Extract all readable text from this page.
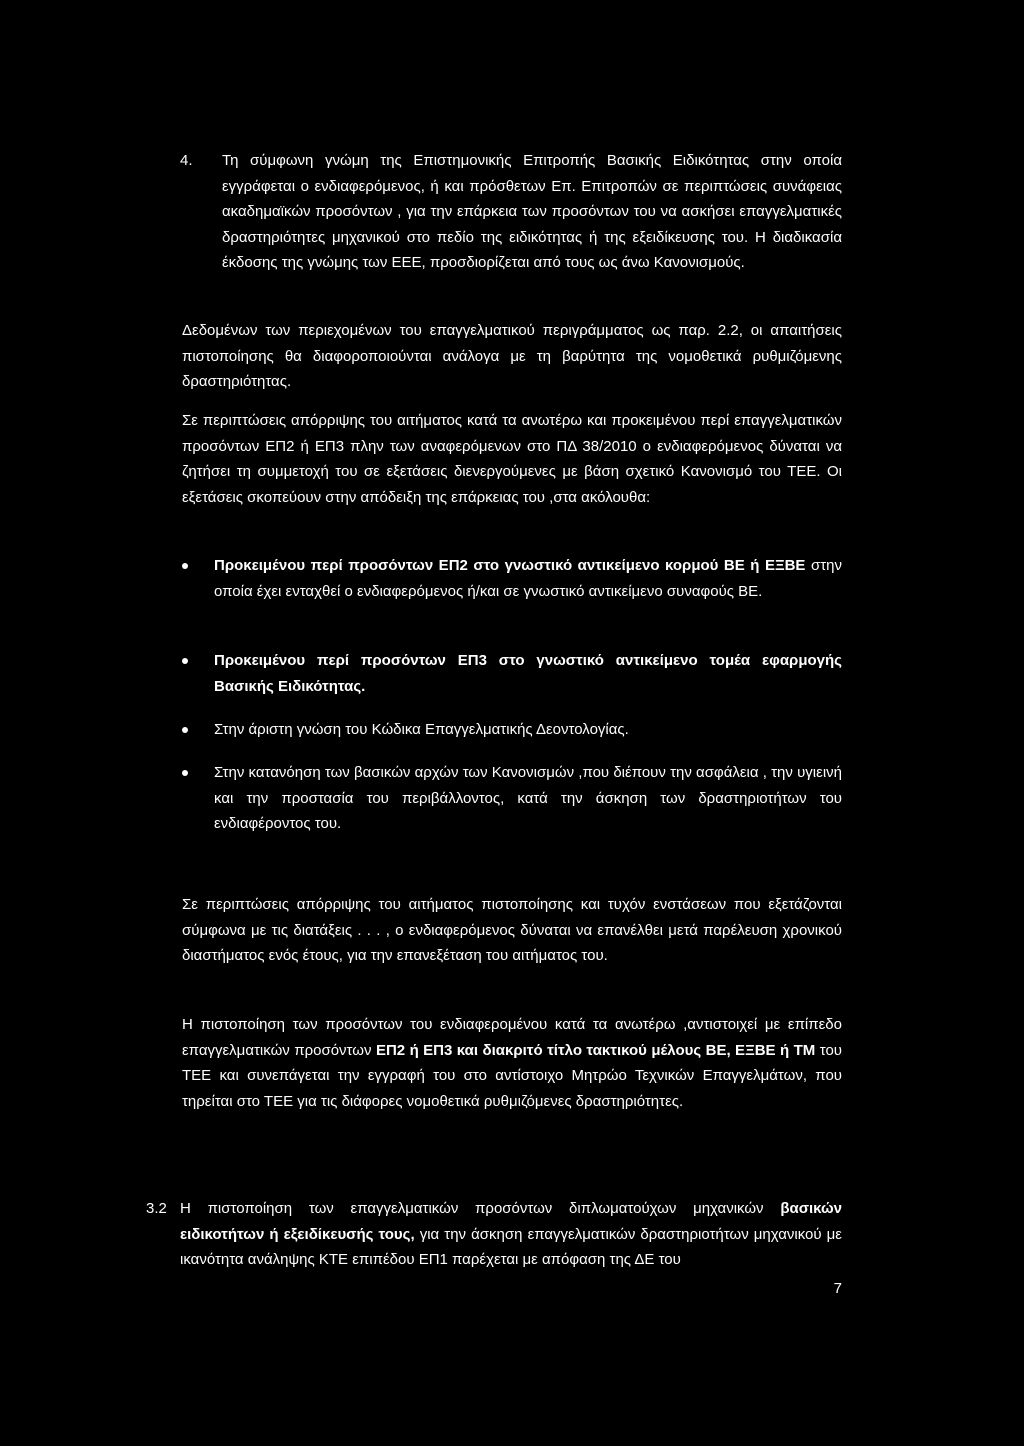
4. Τη σύμφωνη γνώμη της Επιστημονικής Επιτροπής Βασικής Ειδικότητας στην οποία εγγράφεται ο ενδιαφερόμενος, ή και πρόσθετων Επ. Επιτροπών σε περιπτώσεις συνάφειας ακαδημαϊκών προσόντων , για την επάρκεια των προσόντων του να ασκήσει επαγγελματικές δραστηριότητες μηχανικού στο πεδίο της ειδικότητας ή της εξειδίκευσης του. Η διαδικασία έκδοσης της γνώμης των ΕΕΕ, προσδιορίζεται από τους ως άνω Κανονισμούς.

Δεδομένων των περιεχομένων του επαγγελματικού περιγράμματος ως παρ. 2.2, οι απαιτήσεις πιστοποίησης θα διαφοροποιούνται ανάλογα με τη βαρύτητα της νομοθετικά ρυθμιζόμενης δραστηριότητας.

Σε περιπτώσεις απόρριψης του αιτήματος κατά τα ανωτέρω και προκειμένου περί επαγγελματικών προσόντων ΕΠ2 ή ΕΠ3 πλην των αναφερόμενων στο ΠΔ 38/2010 ο ενδιαφερόμενος δύναται να ζητήσει τη συμμετοχή του σε εξετάσεις διενεργούμενες με βάση σχετικό Κανονισμό του ΤΕΕ. Οι εξετάσεις σκοπεύουν στην απόδειξη της επάρκειας του ,στα ακόλουθα:

Προκειμένου περί προσόντων ΕΠ2 στο γνωστικό αντικείμενο κορμού ΒΕ ή ΕΞΒΕ στην οποία έχει ενταχθεί ο ενδιαφερόμενος ή/και σε γνωστικό αντικείμενο συναφούς ΒΕ.
Προκειμένου περί προσόντων ΕΠ3 στο γνωστικό αντικείμενο τομέα εφαρμογής Βασικής Ειδικότητας.
Στην άριστη γνώση του Κώδικα Επαγγελματικής Δεοντολογίας.
Στην κατανόηση των βασικών αρχών των Κανονισμών ,που διέπουν την ασφάλεια , την υγιεινή και την προστασία του περιβάλλοντος, κατά την άσκηση των δραστηριοτήτων του ενδιαφέροντος του.

Σε περιπτώσεις απόρριψης του αιτήματος πιστοποίησης και τυχόν ενστάσεων που εξετάζονται σύμφωνα με τις διατάξεις . . . , ο ενδιαφερόμενος δύναται να επανέλθει μετά παρέλευση χρονικού διαστήματος ενός έτους, για την επανεξέταση του αιτήματος του.

Η πιστοποίηση των προσόντων του ενδιαφερομένου κατά τα ανωτέρω ,αντιστοιχεί με επίπεδο επαγγελματικών προσόντων ΕΠ2 ή ΕΠ3 και διακριτό τίτλο τακτικού μέλους ΒΕ, ΕΞΒΕ ή ΤΜ του ΤΕΕ και συνεπάγεται την εγγραφή του στο αντίστοιχο Μητρώο Τεχνικών Επαγγελμάτων, που τηρείται στο ΤΕΕ για τις διάφορες νομοθετικά ρυθμιζόμενες δραστηριότητες.

3.2 Η πιστοποίηση των επαγγελματικών προσόντων διπλωματούχων μηχανικών βασικών ειδικοτήτων ή εξειδίκευσής τους, για την άσκηση επαγγελματικών δραστηριοτήτων μηχανικού με ικανότητα ανάληψης ΚΤΕ επιπέδου ΕΠ1 παρέχεται με απόφαση της ΔΕ του
7
